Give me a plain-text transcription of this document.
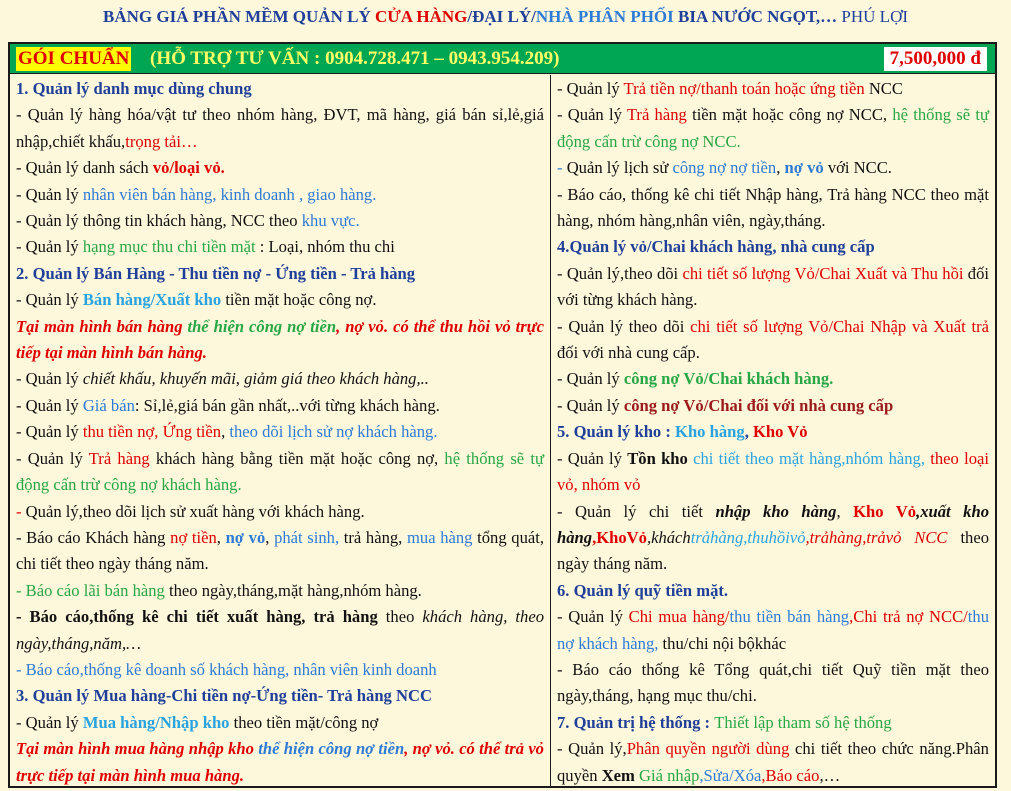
BẢNG GIÁ PHẦN MỀM QUẢN LÝ CỬA HÀNG/ĐẠI LÝ/NHÀ PHÂN PHỐI BIA NƯỚC NGỌT,… PHÚ LỢI
GÓI CHUẨN (HỖ TRỢ TƯ VẤN : 0904.728.471 – 0943.954.209)	7,500,000 đ

1. Quản lý danh mục dùng chung

- Quản lý hàng hóa/vật tư theo nhóm hàng, ĐVT, mã hàng, giá bán sỉ,lẻ,giá nhập,chiết khấu,trọng tải…

- Quản lý danh sách vỏ/loại vỏ.

- Quản lý nhân viên bán hàng, kinh doanh , giao hàng.

- Quản lý thông tin khách hàng, NCC theo khu vực.

- Quản lý hạng mục thu chi tiền mặt : Loại, nhóm thu chi

2. Quản lý Bán Hàng - Thu tiền nợ - Ứng tiền - Trả hàng

- Quản lý Bán hàng/Xuất kho tiền mặt hoặc công nợ.

Tại màn hình bán hàng thể hiện công nợ tiền, nợ vỏ. có thể thu hồi vỏ trực tiếp tại màn hình bán hàng.

- Quản lý chiết khấu, khuyến mãi, giảm giá theo khách hàng,..

- Quản lý Giá bán: Sỉ,lẻ,giá bán gần nhất,..với từng khách hàng.

- Quản lý thu tiền nợ, Ứng tiền, theo dõi lịch sử nợ khách hàng.

- Quản lý Trả hàng khách hàng bằng tiền mặt hoặc công nợ, hệ thống sẽ tự động cấn trừ công nợ khách hàng.

- Quản lý,theo dõi lịch sử xuất hàng với khách hàng.

- Báo cáo Khách hàng nợ tiền, nợ vỏ, phát sinh, trả hàng, mua hàng tổng quát, chi tiết theo ngày tháng năm.

- Báo cáo lãi bán hàng theo ngày,tháng,mặt hàng,nhóm hàng.

- Báo cáo,thống kê chi tiết xuất hàng, trả hàng theo khách hàng, theo ngày,tháng,năm,…

- Báo cáo,thống kê doanh số khách hàng, nhân viên kinh doanh

3. Quản lý Mua hàng-Chi tiền nợ-Ứng tiền- Trả hàng NCC

- Quản lý Mua hàng/Nhập kho theo tiền mặt/công nợ

Tại màn hình mua hàng nhập kho thể hiện công nợ tiền, nợ vỏ. có thể trả vỏ trực tiếp tại màn hình mua hàng.

- Quản lý Trả tiền nợ/thanh toán hoặc ứng tiền NCC

- Quản lý Trả hàng tiền mặt hoặc công nợ NCC, hệ thống sẽ tự động cấn trừ công nợ NCC.

- Quản lý lịch sử công nợ nợ tiền, nợ vỏ với NCC.

- Báo cáo, thống kê chi tiết Nhập hàng, Trả hàng NCC theo mặt hàng, nhóm hàng,nhân viên, ngày,tháng.

4.Quản lý vỏ/Chai khách hàng, nhà cung cấp

- Quản lý,theo dõi chi tiết số lượng Vỏ/Chai Xuất và Thu hồi đối với từng khách hàng.

- Quản lý theo dõi chi tiết số lượng Vỏ/Chai Nhập và Xuất trả đối với nhà cung cấp.

- Quản lý công nợ Vỏ/Chai khách hàng.

- Quản lý công nợ Vỏ/Chai đối với nhà cung cấp

5. Quản lý kho : Kho hàng, Kho Vỏ

- Quản lý Tồn kho chi tiết theo mặt hàng,nhóm hàng, theo loại vỏ, nhóm vỏ

- Quản lý chi tiết nhập kho hàng, Kho Vỏ,xuất kho hàng,KhoVỏ,kháchtrảhàng,thuhồivỏ,trảhàng,trảvỏ NCC theo ngày tháng năm.

6. Quản lý quỹ tiền mặt.

- Quản lý Chi mua hàng/thu tiền bán hàng,Chi trả nợ NCC/thu nợ khách hàng, thu/chi nội bộkhác

- Báo cáo thống kê Tổng quát,chi tiết Quỹ tiền mặt theo ngày,tháng, hạng mục thu/chi.

7. Quản trị hệ thống : Thiết lập tham số hệ thống

- Quản lý,Phân quyền người dùng chi tiết theo chức năng.Phân quyền Xem Giá nhập,Sửa/Xóa,Báo cáo,…
